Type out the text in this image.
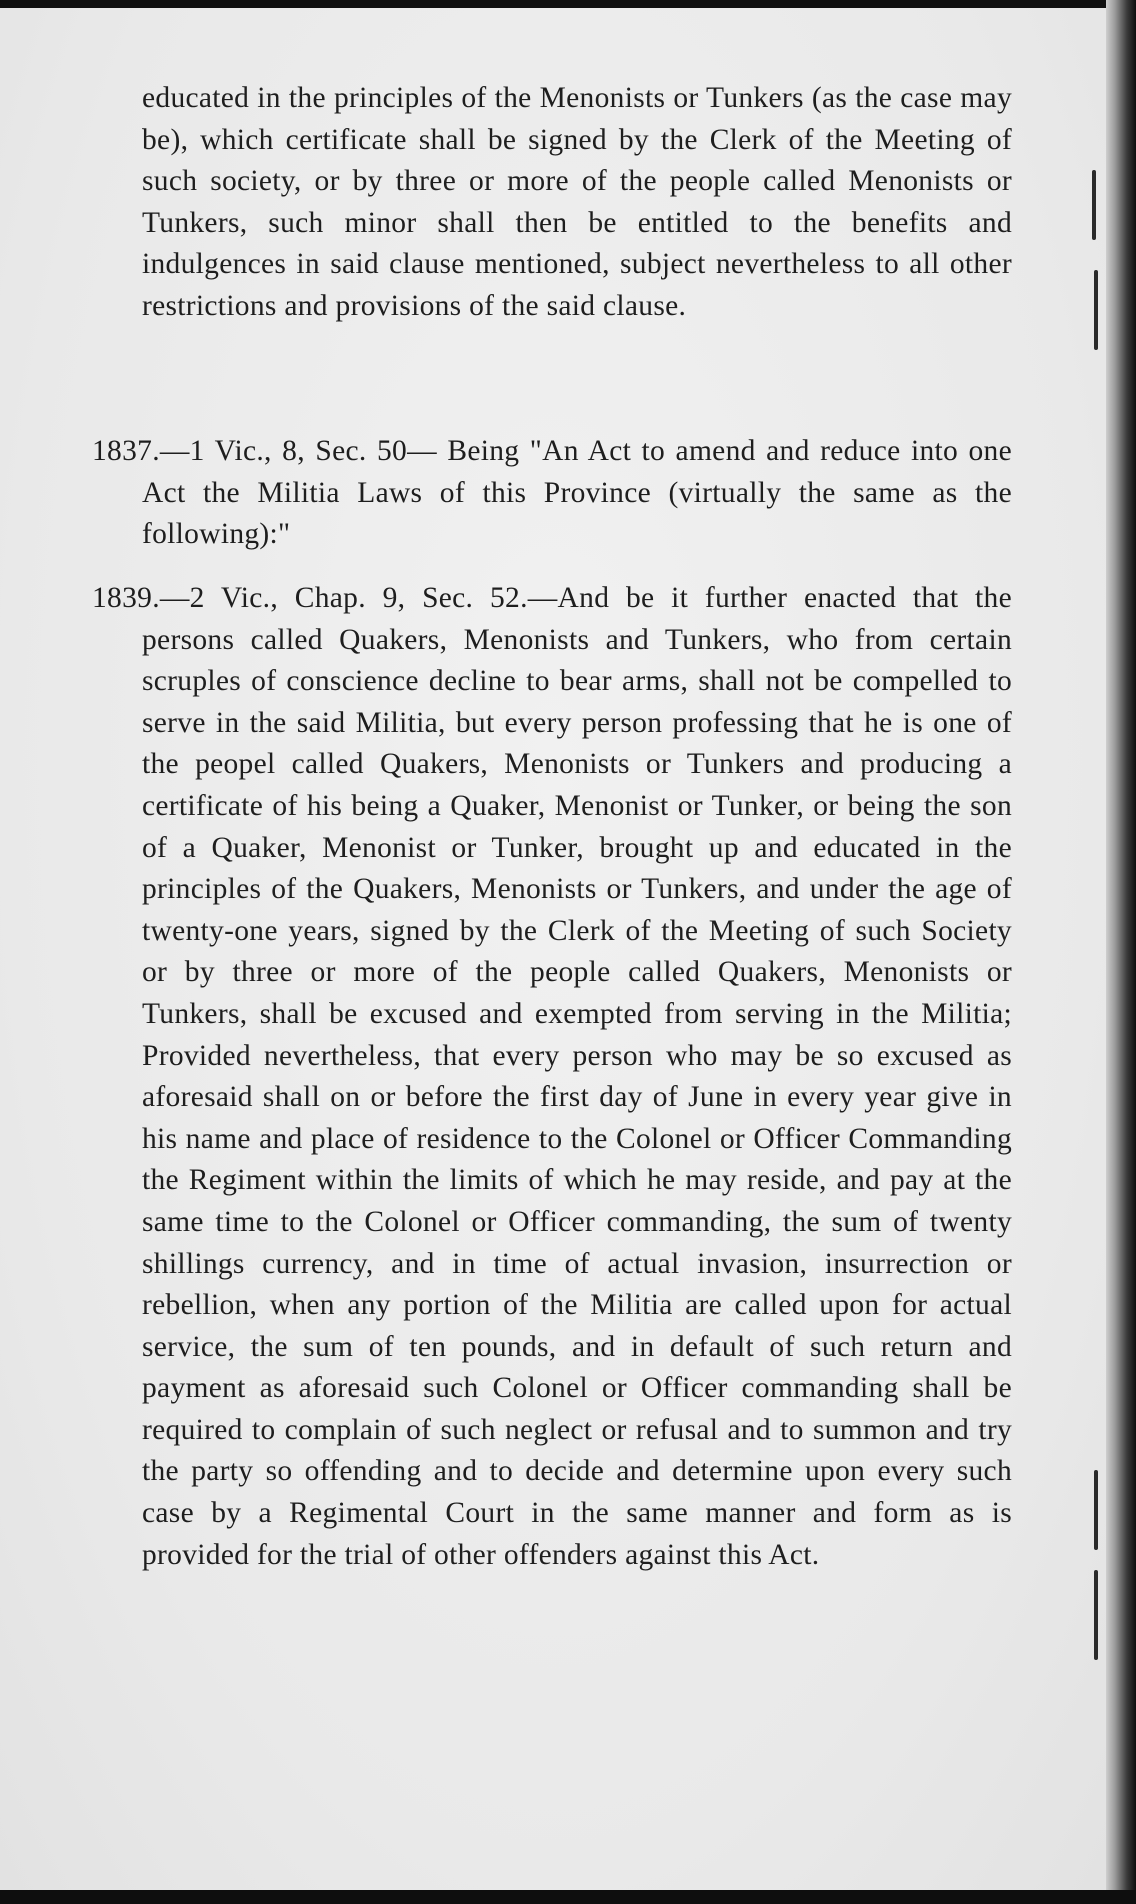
educated in the principles of the Menonists or Tunkers (as the case may be), which certificate shall be signed by the Clerk of the Meeting of such society, or by three or more of the people called Menonists or Tunkers, such minor shall then be entitled to the benefits and indulgences in said clause mentioned, subject nevertheless to all other restrictions and provisions of the said clause.

1837.—1 Vic., 8, Sec. 50— Being "An Act to amend and reduce into one Act the Militia Laws of this Province (virtually the same as the following):"

1839.—2 Vic., Chap. 9, Sec. 52.—And be it further enacted that the persons called Quakers, Menonists and Tunkers, who from certain scruples of conscience decline to bear arms, shall not be compelled to serve in the said Militia, but every person professing that he is one of the peopel called Quakers, Menonists or Tunkers and producing a certificate of his being a Quaker, Menonist or Tunker, or being the son of a Quaker, Menonist or Tunker, brought up and educated in the principles of the Quakers, Menonists or Tunkers, and under the age of twenty-one years, signed by the Clerk of the Meeting of such Society or by three or more of the people called Quakers, Menonists or Tunkers, shall be excused and exempted from serving in the Militia; Provided nevertheless, that every person who may be so excused as aforesaid shall on or before the first day of June in every year give in his name and place of residence to the Colonel or Officer Commanding the Regiment within the limits of which he may reside, and pay at the same time to the Colonel or Officer commanding, the sum of twenty shillings currency, and in time of actual invasion, insurrection or rebellion, when any portion of the Militia are called upon for actual service, the sum of ten pounds, and in default of such return and payment as aforesaid such Colonel or Officer commanding shall be required to complain of such neglect or refusal and to summon and try the party so offending and to decide and determine upon every such case by a Regimental Court in the same manner and form as is provided for the trial of other offenders against this Act.
